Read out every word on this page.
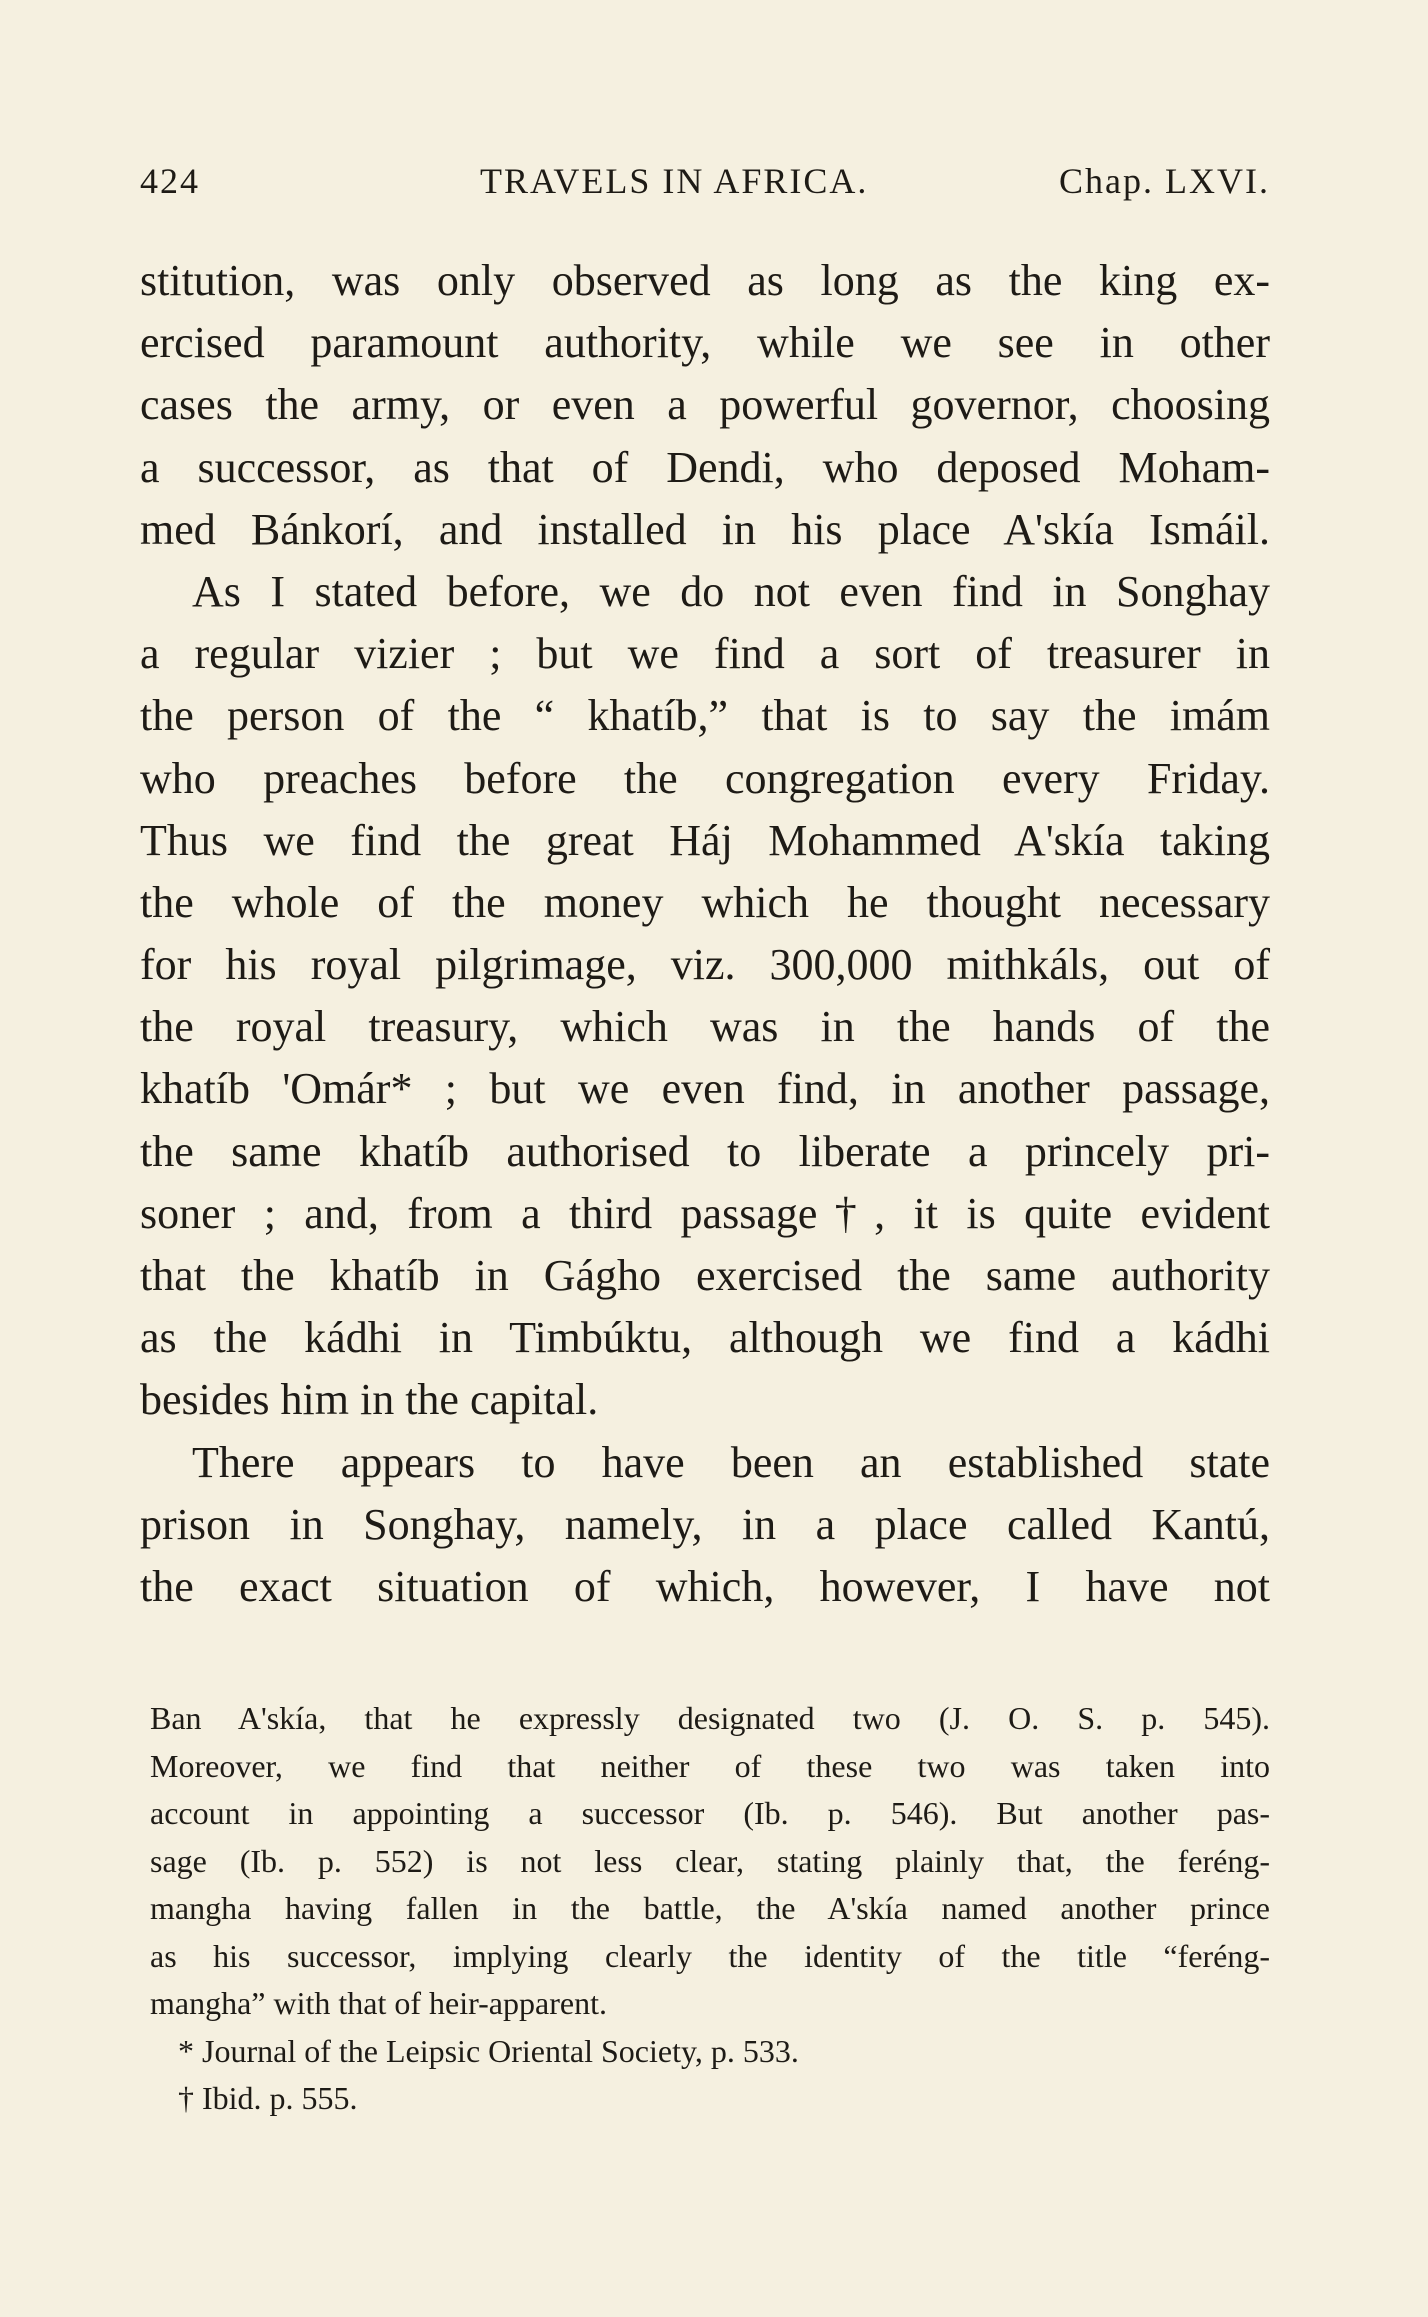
424	TRAVELS IN AFRICA.	Chap. LXVI.
stitution, was only observed as long as the king ex-
ercised paramount authority, while we see in other
cases the army, or even a powerful governor, choosing
a successor, as that of Dendi, who deposed Moham-
med Bánkorí, and installed in his place A'skía Ismáil.
As I stated before, we do not even find in Songhay
a regular vizier ; but we find a sort of treasurer in
the person of the “ khatíb,” that is to say the imám
who preaches before the congregation every Friday.
Thus we find the great Háj Mohammed A'skía taking
the whole of the money which he thought necessary
for his royal pilgrimage, viz. 300,000 mithkáls, out of
the royal treasury, which was in the hands of the
khatíb 'Omár* ; but we even find, in another passage,
the same khatíb authorised to liberate a princely pri-
soner ; and, from a third passage†, it is quite evident
that the khatíb in Gágho exercised the same authority
as the kádhi in Timbúktu, although we find a kádhi
besides him in the capital.
There appears to have been an established state
prison in Songhay, namely, in a place called Kantú,
the exact situation of which, however, I have not
Ban A'skía, that he expressly designated two (J. O. S. p. 545).
Moreover, we find that neither of these two was taken into
account in appointing a successor (Ib. p. 546). But another pas-
sage (Ib. p. 552) is not less clear, stating plainly that, the feréng-
mangha having fallen in the battle, the A'skía named another prince
as his successor, implying clearly the identity of the title “feréng-
mangha” with that of heir-apparent.
* Journal of the Leipsic Oriental Society, p. 533.
† Ibid. p. 555.
